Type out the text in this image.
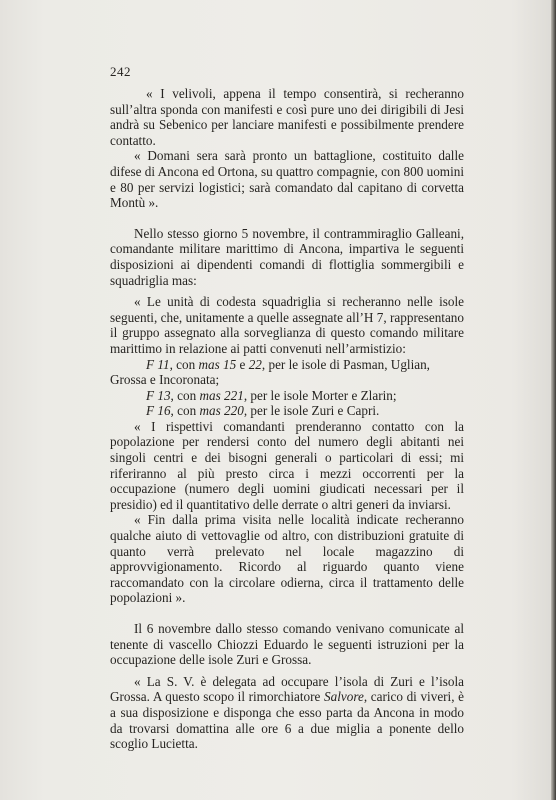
242

« I velivoli, appena il tempo consentirà, si recheranno sull’altra sponda con manifesti e così pure uno dei dirigibili di Jesi andrà su Sebenico per lanciare manifesti e possibilmente prendere contatto.

« Domani sera sarà pronto un battaglione, costituito dalle difese di Ancona ed Ortona, su quattro compagnie, con 800 uomini e 80 per servizi logistici; sarà comandato dal capitano di corvetta Montù ».

Nello stesso giorno 5 novembre, il contrammiraglio Galleani, comandante militare marittimo di Ancona, impartiva le seguenti disposizioni ai dipendenti comandi di flottiglia sommergibili e squadriglia mas:

« Le unità di codesta squadriglia si recheranno nelle isole seguenti, che, unitamente a quelle assegnate all’H 7, rappresentano il gruppo assegnato alla sorveglianza di questo comando militare marittimo in relazione ai patti convenuti nell’armistizio:

F 11, con mas 15 e 22, per le isole di Pasman, Uglian, Grossa e Incoronata;

F 13, con mas 221, per le isole Morter e Zlarin;

F 16, con mas 220, per le isole Zuri e Capri.

« I rispettivi comandanti prenderanno contatto con la popolazione per rendersi conto del numero degli abitanti nei singoli centri e dei bisogni generali o particolari di essi; mi riferiranno al più presto circa i mezzi occorrenti per la occupazione (numero degli uomini giudicati necessari per il presidio) ed il quantitativo delle derrate o altri generi da inviarsi.

« Fin dalla prima visita nelle località indicate recheranno qualche aiuto di vettovaglie od altro, con distribuzioni gratuite di quanto verrà prelevato nel locale magazzino di approvvigionamento. Ricordo al riguardo quanto viene raccomandato con la circolare odierna, circa il trattamento delle popolazioni ».

Il 6 novembre dallo stesso comando venivano comunicate al tenente di vascello Chiozzi Eduardo le seguenti istruzioni per la occupazione delle isole Zuri e Grossa.

« La S. V. è delegata ad occupare l’isola di Zuri e l’isola Grossa. A questo scopo il rimorchiatore Salvore, carico di viveri, è a sua disposizione e disponga che esso parta da Ancona in modo da trovarsi domattina alle ore 6 a due miglia a ponente dello scoglio Lucietta.
